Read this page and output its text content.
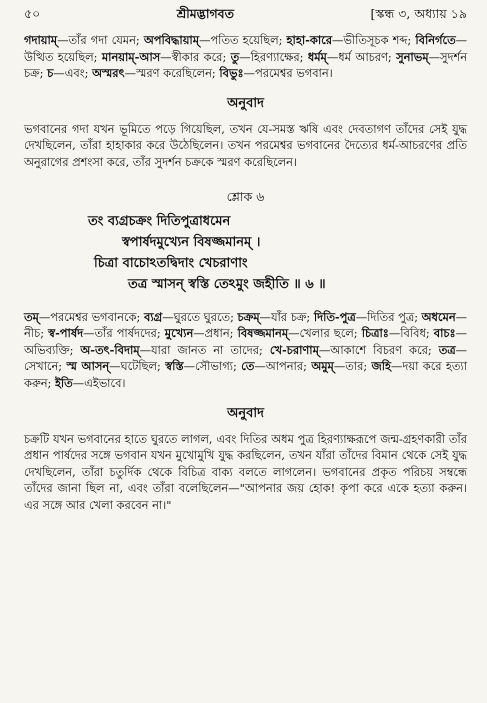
৫০	শ্রীমদ্ভাগবত	[স্কন্ধ ৩, অধ্যায় ১৯

গদায়াম্—তাঁর গদা যেমন; অপবিদ্ধায়াম্—পতিত হয়েছিল; হাহা-কারে—ভীতিসূচক শব্দ; বিনির্গতে—উত্থিত হয়েছিল; মানয়াম্-আস—স্বীকার করে; তু—হিরণ্যাক্ষের; ধর্মম্—ধর্ম আচরণ; সুনাভম্—সুদর্শন চক্র; চ—এবং; অস্মরৎ—স্মরণ করেছিলেন; বিভুঃ—পরমেশ্বর ভগবান।

অনুবাদ

ভগবানের গদা যখন ভূমিতে পড়ে গিয়েছিল, তখন যে-সমস্ত ঋষি এবং দেবতাগণ তাঁদের সেই যুদ্ধ দেখছিলেন, তাঁরা হাহাকার করে উঠেছিলেন। তখন পরমেশ্বর ভগবানের দৈত্যের ধর্ম-আচরণের প্রতি অনুরাগের প্রশংসা করে, তাঁর সুদর্শন চক্রকে স্মরণ করেছিলেন।

শ্লোক ৬

তং ব্যগ্রচক্রং দিতিপুত্রাধমেন

স্বপার্ষদমুখ্যেন বিষজ্জমানম্ ।

চিত্রা বাচোঽতদ্বিদাং খেচরাণাং

তত্র স্মাসন্ স্বস্তি তেঽমুং জহীতি ॥ ৬ ॥

তম্—পরমেশ্বর ভগবানকে; ব্যগ্র—ঘুরতে ঘুরতে; চক্রম্—যাঁর চক্র; দিতি-পুত্র—দিতির পুত্র; অধমেন—নীচ; স্ব-পার্ষদ—তাঁর পার্ষদদের; মুখ্যেন—প্রধান; বিষজ্জমানম্—খেলার ছলে; চিত্রাঃ—বিবিধ; বাচঃ—অভিব্যক্তি; অ-তৎ-বিদাম্—যারা জানত না তাদের; খে-চরাণাম্—আকাশে বিচরণ করে; তত্র—সেখানে; স্ম আসন্—ঘটেছিল; স্বস্তি—সৌভাগ্য; তে—আপনার; অমুম্—তার; জহি—দয়া করে হত্যা করুন; ইতি—এইভাবে।

অনুবাদ

চক্রটি যখন ভগবানের হাতে ঘুরতে লাগল, এবং দিতির অধম পুত্র হিরণ্যাক্ষরূপে জন্ম-গ্রহণকারী তাঁর প্রধান পার্ষদের সঙ্গে ভগবান যখন মুখোমুখি যুদ্ধ করছিলেন, তখন যাঁরা তাঁদের বিমান থেকে সেই যুদ্ধ দেখছিলেন, তাঁরা চতুর্দিক থেকে বিচিত্র বাক্য বলতে লাগলেন। ভগবানের প্রকৃত পরিচয় সম্বন্ধে তাঁদের জানা ছিল না, এবং তাঁরা বলেছিলেন—"আপনার জয় হোক! কৃপা করে একে হত্যা করুন। এর সঙ্গে আর খেলা করবেন না।"
